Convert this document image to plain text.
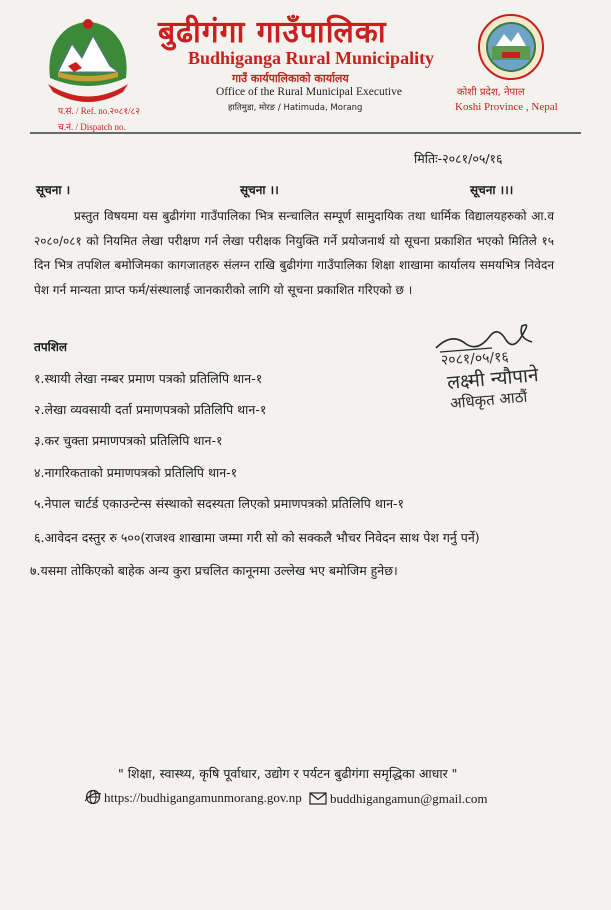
बुढीगंगा गाउँपालिका
Budhiganga Rural Municipality
गाउँ कार्यपालिकाको कार्यालय
Office of the Rural Municipal Executive
हातिमुडा, मोरङ / Hatimuda, Morang
कोशी प्रदेश, नेपाल
Koshi Province , Nepal
प.सं. / Ref. no.२०८१/८२
च.नं. / Dispatch no.
मितिः-२०८१/०५/१६
सूचना ।	सूचना ।।	सूचना ।।।

प्रस्तुत विषयमा यस बुढीगंगा गाउँपालिका भित्र सन्चालित सम्पूर्ण सामुदायिक तथा धार्मिक विद्यालयहरुको आ.व २०८०/०८१ को नियमित लेखा परीक्षण गर्न लेखा परीक्षक नियुक्ति गर्ने प्रयोजनार्थ यो सूचना प्रकाशित भएको मितिले १५ दिन भित्र तपशिल बमोजिमका कागजातहरु संलग्न राखि बुढीगंगा गाउँपालिका शिक्षा शाखामा कार्यालय समयभित्र निवेदन पेश गर्न मान्यता प्राप्त फर्म/संस्थालाई जानकारीको लागि यो सूचना प्रकाशित गरिएको छ ।

तपशिल
१.स्थायी लेखा नम्बर प्रमाण पत्रको प्रतिलिपि थान-१
२.लेखा व्यवसायी दर्ता प्रमाणपत्रको प्रतिलिपि थान-१
३.कर चुक्ता प्रमाणपत्रको प्रतिलिपि थान-१
४.नागरिकताको प्रमाणपत्रको प्रतिलिपि थान-१
५.नेपाल चार्टर्ड एकाउन्टेन्स संस्थाको सदस्यता लिएको प्रमाणपत्रको प्रतिलिपि थान-१
६.आवेदन दस्तुर रु ५००(राजश्व शाखामा जम्मा गरी सो को सक्कलै भौचर निवेदन साथ पेश गर्नु पर्ने)
७.यसमा तोकिएको बाहेक अन्य कुरा प्रचलित कानूनमा उल्लेख भए बमोजिम हुनेछ।
२०८१/०५/१६
लक्ष्मी न्यौपाने
अधिकृत आठौं
" शिक्षा, स्वास्थ्य, कृषि पूर्वाधार, उद्योग र पर्यटन बुढीगंगा समृद्धिका आधार "
https://budhigangamunmorang.gov.np buddhigangamun@gmail.com
